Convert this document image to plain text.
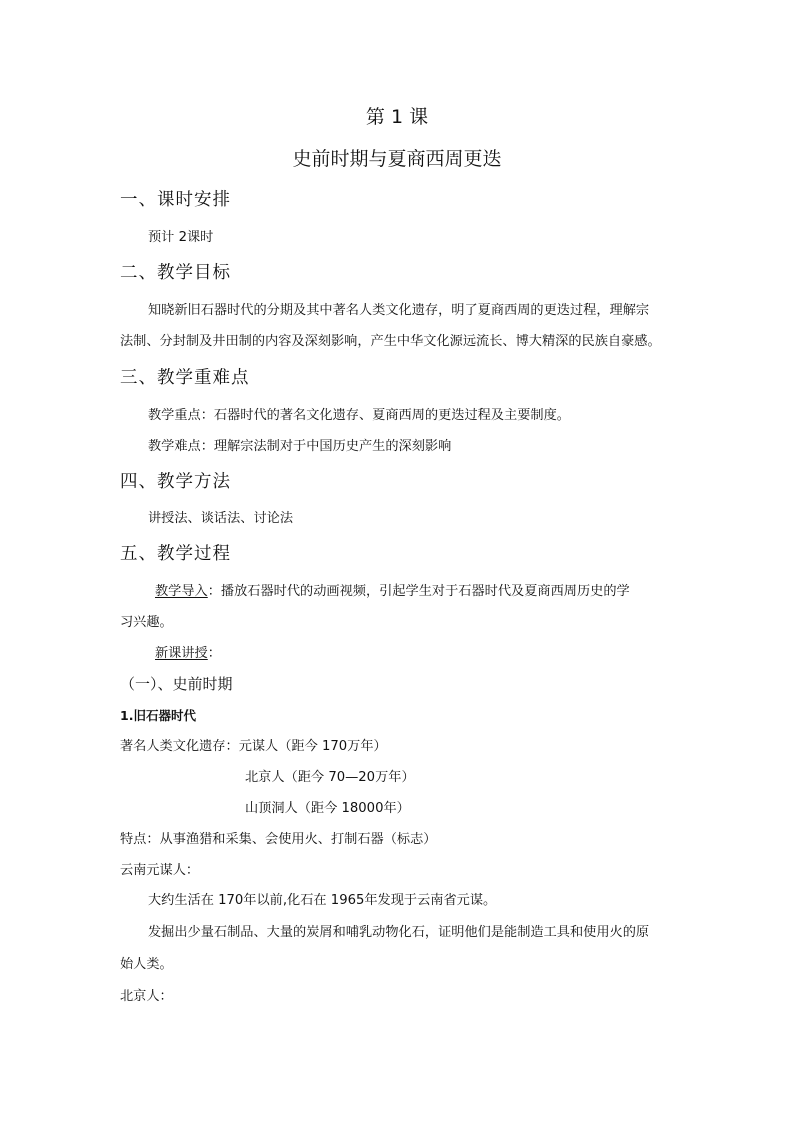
第 1 课
史前时期与夏商西周更迭
一、课时安排
预计 2课时
二、教学目标
知晓新旧石器时代的分期及其中著名人类文化遗存，明了夏商西周的更迭过程，理解宗
法制、分封制及井田制的内容及深刻影响，产生中华文化源远流长、博大精深的民族自豪感。
三、教学重难点
教学重点：石器时代的著名文化遗存、夏商西周的更迭过程及主要制度。
教学难点：理解宗法制对于中国历史产生的深刻影响
四、教学方法
讲授法、谈话法、讨论法
五、教学过程
教学导入：播放石器时代的动画视频，引起学生对于石器时代及夏商西周历史的学
习兴趣。
新课讲授：
（一）、史前时期
1.旧石器时代
著名人类文化遗存：元谋人（距今 170万年）
北京人（距今 70—20万年）
山顶洞人（距今 18000年）
特点：从事渔猎和采集、会使用火、打制石器（标志）
云南元谋人：
大约生活在 170年以前,化石在 1965年发现于云南省元谋。
发掘出少量石制品、大量的炭屑和哺乳动物化石，证明他们是能制造工具和使用火的原
始人类。
北京人：
